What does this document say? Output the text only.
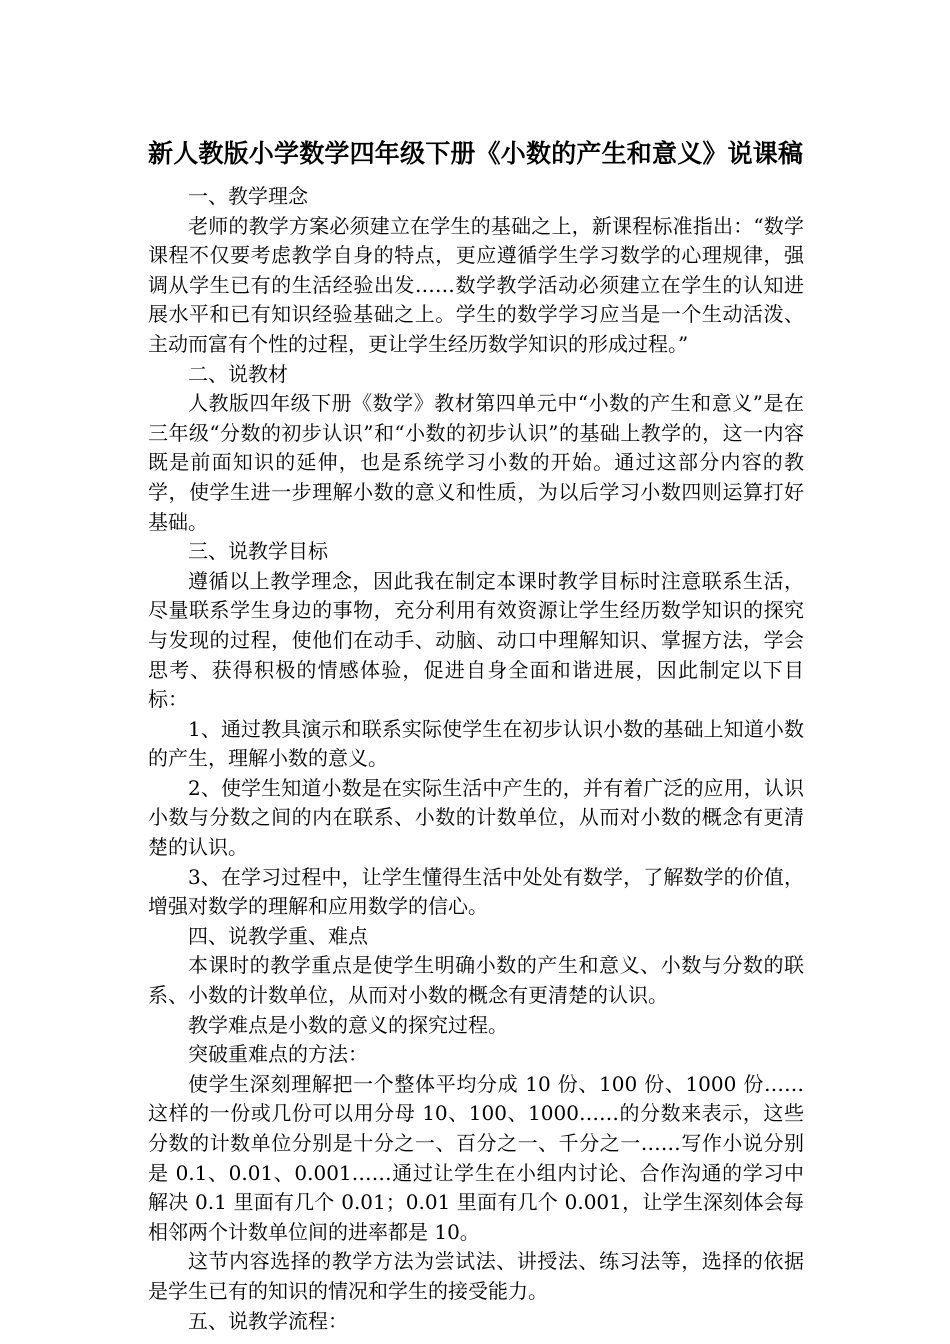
新人教版小学数学四年级下册《小数的产生和意义》说课稿

一、教学理念

老师的教学方案必须建立在学生的基础之上，新课程标准指出：“数学课程不仅要考虑教学自身的特点，更应遵循学生学习数学的心理规律，强调从学生已有的生活经验出发……数学教学活动必须建立在学生的认知进展水平和已有知识经验基础之上。学生的数学学习应当是一个生动活泼、主动而富有个性的过程，更让学生经历数学知识的形成过程。”

二、说教材

人教版四年级下册《数学》教材第四单元中“小数的产生和意义”是在三年级“分数的初步认识”和“小数的初步认识”的基础上教学的，这一内容既是前面知识的延伸，也是系统学习小数的开始。通过这部分内容的教学，使学生进一步理解小数的意义和性质，为以后学习小数四则运算打好基础。

三、说教学目标

遵循以上教学理念，因此我在制定本课时教学目标时注意联系生活，尽量联系学生身边的事物，充分利用有效资源让学生经历数学知识的探究与发现的过程，使他们在动手、动脑、动口中理解知识、掌握方法，学会思考、获得积极的情感体验，促进自身全面和谐进展，因此制定以下目标：

1、通过教具演示和联系实际使学生在初步认识小数的基础上知道小数的产生，理解小数的意义。

2、使学生知道小数是在实际生活中产生的，并有着广泛的应用，认识小数与分数之间的内在联系、小数的计数单位，从而对小数的概念有更清楚的认识。

3、在学习过程中，让学生懂得生活中处处有数学，了解数学的价值，增强对数学的理解和应用数学的信心。

四、说教学重、难点

本课时的教学重点是使学生明确小数的产生和意义、小数与分数的联系、小数的计数单位，从而对小数的概念有更清楚的认识。

教学难点是小数的意义的探究过程。

突破重难点的方法：

使学生深刻理解把一个整体平均分成 10 份、100 份、1000 份……这样的一份或几份可以用分母 10、100、1000……的分数来表示，这些分数的计数单位分别是十分之一、百分之一、千分之一……写作小说分别是 0.1、0.01、0.001……通过让学生在小组内讨论、合作沟通的学习中解决 0.1 里面有几个 0.01；0.01 里面有几个 0.001，让学生深刻体会每相邻两个计数单位间的进率都是 10。

这节内容选择的教学方法为尝试法、讲授法、练习法等，选择的依据是学生已有的知识的情况和学生的接受能力。

五、说教学流程：
